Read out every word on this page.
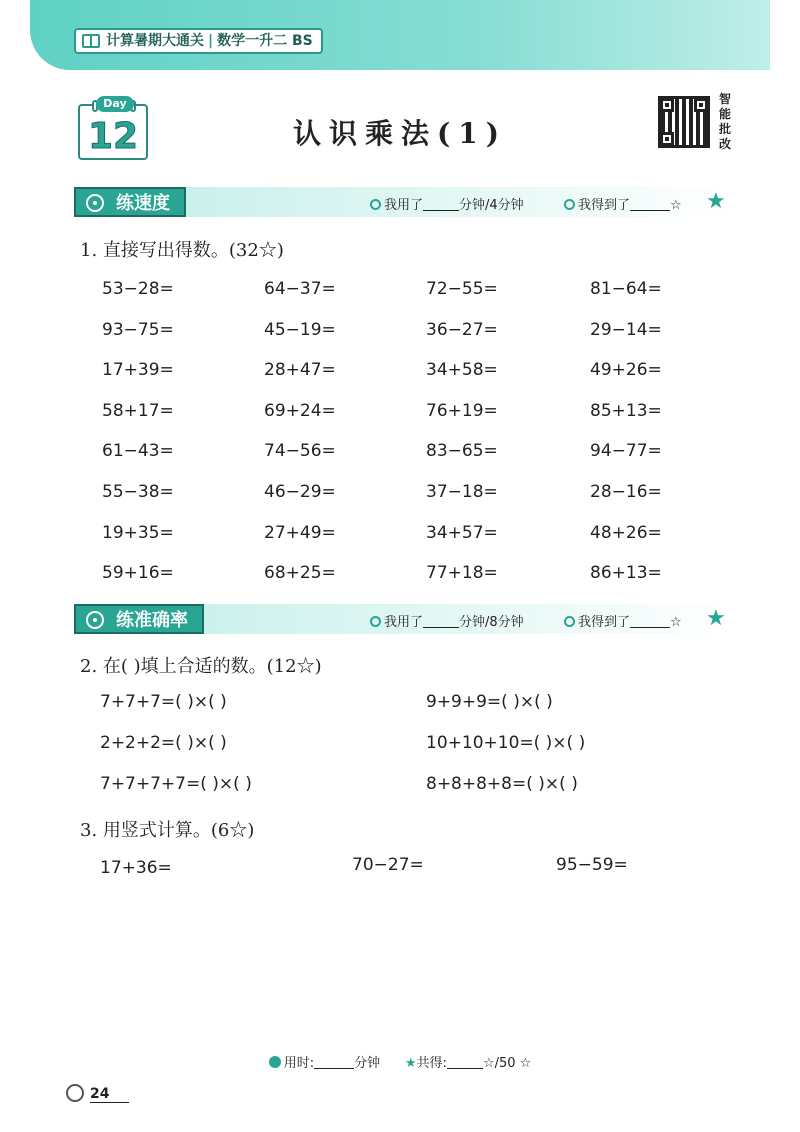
计算暑期大通关 | 数学一升二 BS
Day
12	认识乘法(1)
智
能
批
改
练速度	我用了	分钟/4分钟	我得到了	☆ ★
1. 直接写出得数。(32☆)
53−28=	64−37=	72−55=	81−64=
93−75=	45−19=	36−27=	29−14=
17+39=	28+47=	34+58=	49+26=
58+17=	69+24=	76+19=	85+13=
61−43=	74−56=	83−65=	94−77=
55−38=	46−29=	37−18=	28−16=
19+35=	27+49=	34+57=	48+26=
59+16=	68+25=	77+18=	86+13=
练准确率	我用了	分钟/8分钟	我得到了	☆ ★
2. 在( )填上合适的数。(12☆)
7+7+7=( )×( )	9+9+9=( )×( )
2+2+2=( )×( )	10+10+10=( )×( )
7+7+7+7=( )×( )	8+8+8+8=( )×( )
3. 用竖式计算。(6☆)
17+36=	70−27=	95−59=
用时:	分钟 ★共得:	☆/50 ☆
24
